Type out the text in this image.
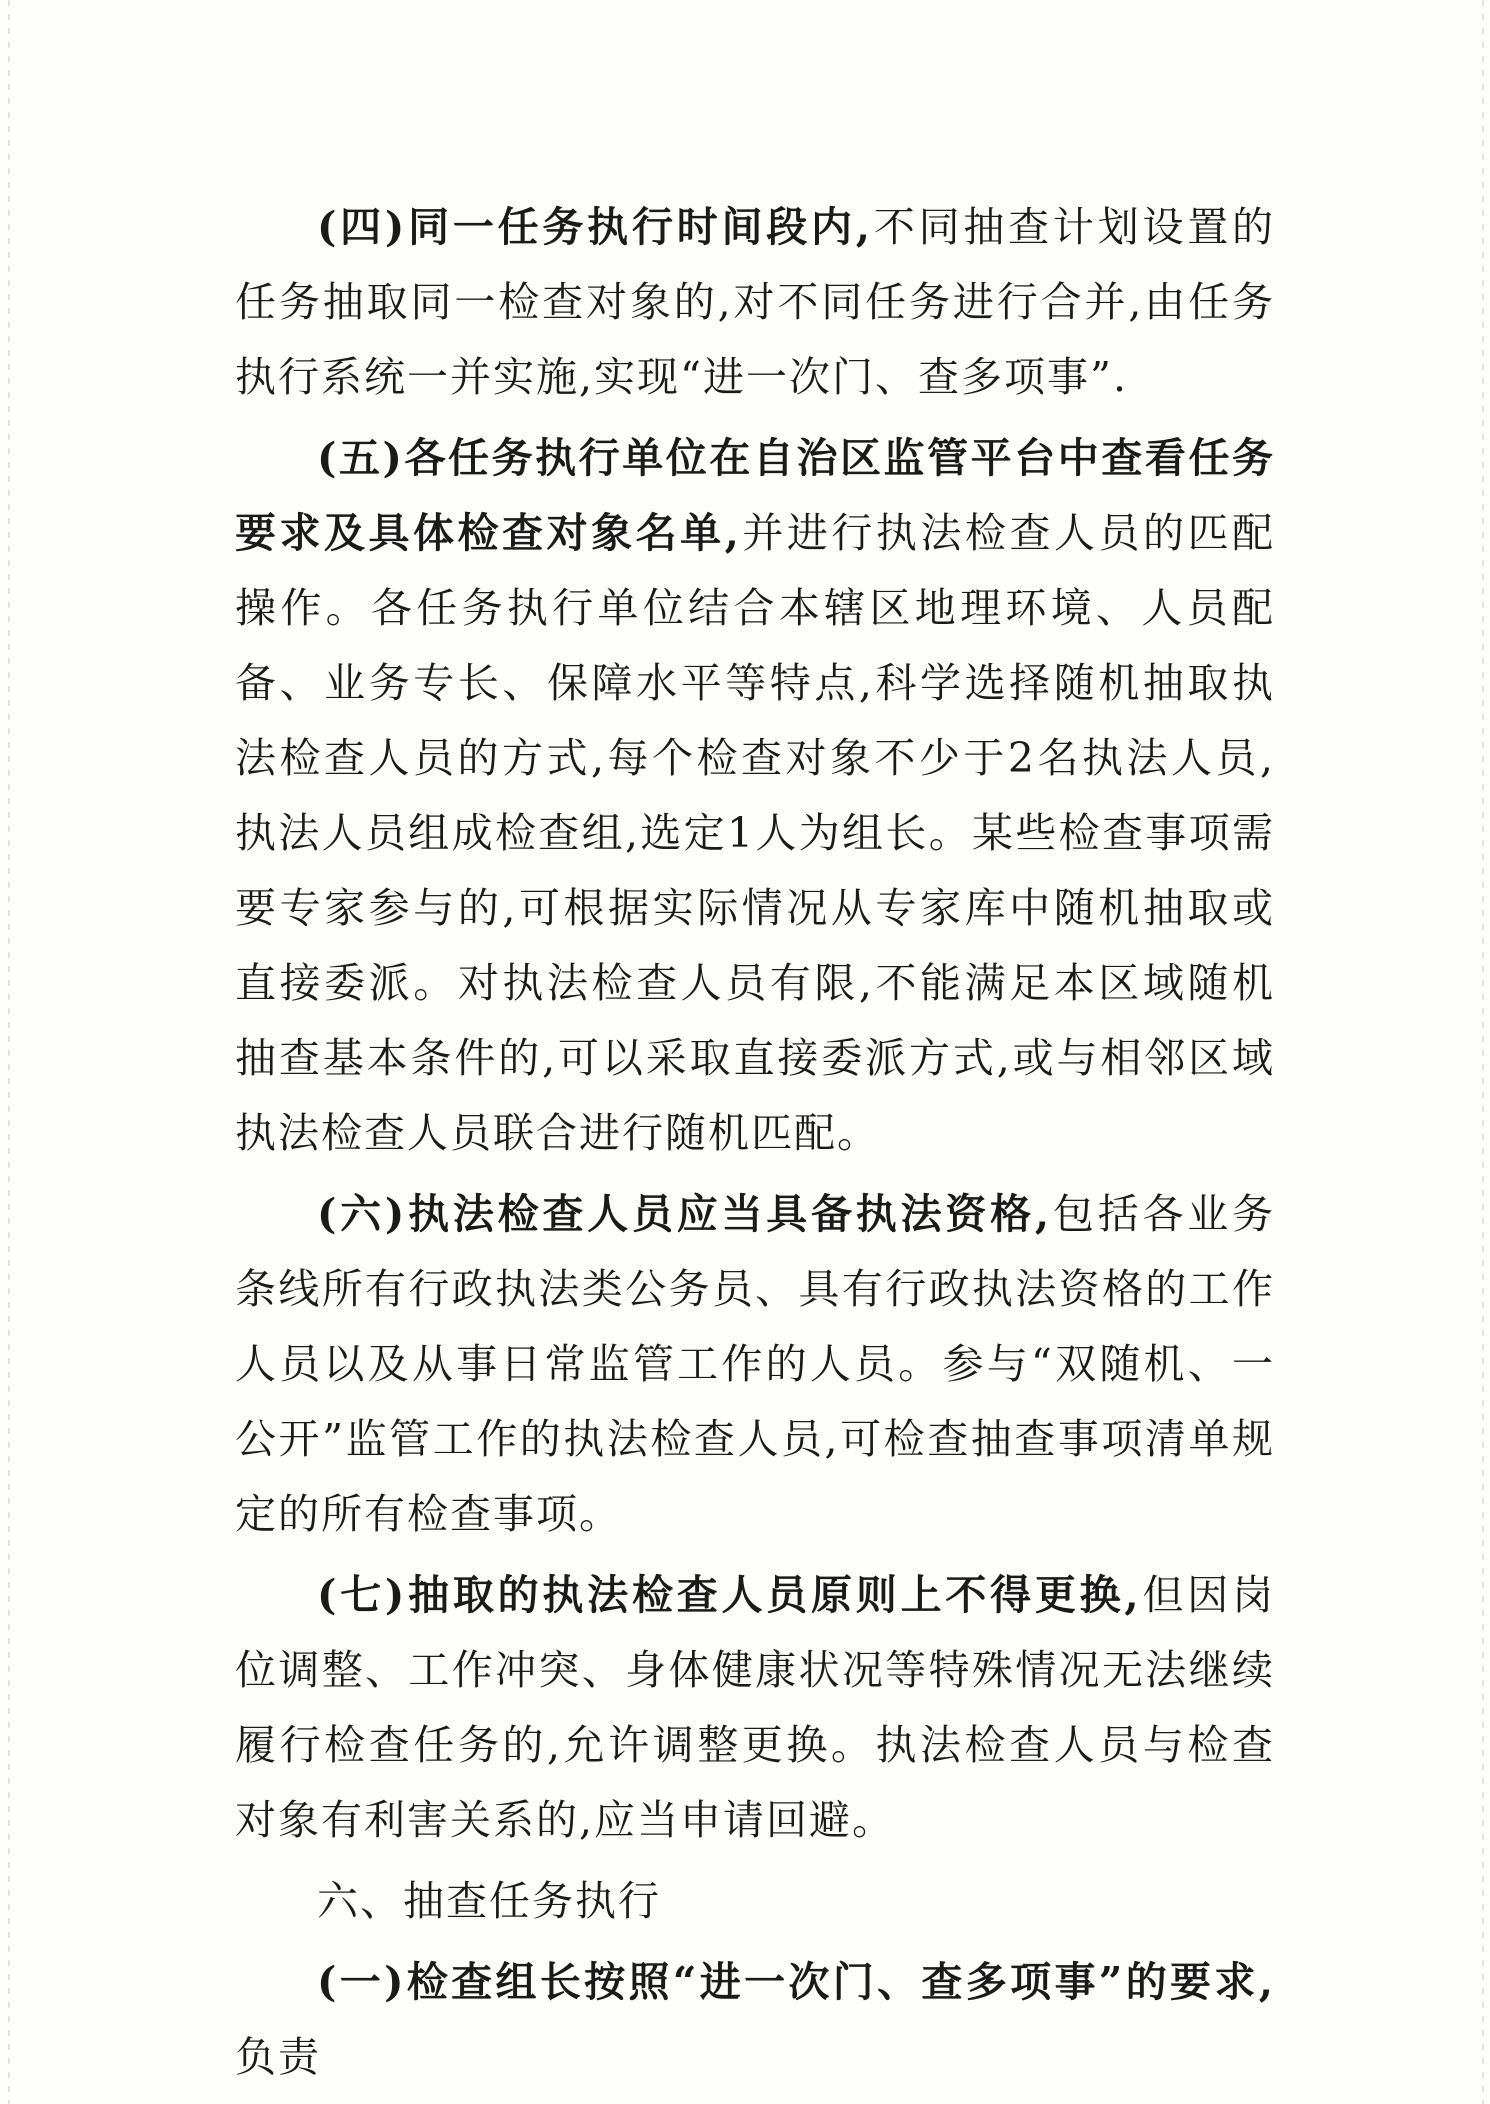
(四)同一任务执行时间段内,不同抽查计划设置的任务抽取同一检查对象的,对不同任务进行合并,由任务执行系统一并实施,实现“进一次门、查多项事”.

(五)各任务执行单位在自治区监管平台中查看任务要求及具体检查对象名单,并进行执法检查人员的匹配操作。各任务执行单位结合本辖区地理环境、人员配备、业务专长、保障水平等特点,科学选择随机抽取执法检查人员的方式,每个检查对象不少于2名执法人员,执法人员组成检查组,选定1人为组长。某些检查事项需要专家参与的,可根据实际情况从专家库中随机抽取或直接委派。对执法检查人员有限,不能满足本区域随机抽查基本条件的,可以采取直接委派方式,或与相邻区域执法检查人员联合进行随机匹配。

(六)执法检查人员应当具备执法资格,包括各业务条线所有行政执法类公务员、具有行政执法资格的工作人员以及从事日常监管工作的人员。参与“双随机、一公开”监管工作的执法检查人员,可检查抽查事项清单规定的所有检查事项。

(七)抽取的执法检查人员原则上不得更换,但因岗位调整、工作冲突、身体健康状况等特殊情况无法继续履行检查任务的,允许调整更换。执法检查人员与检查对象有利害关系的,应当申请回避。

六、抽查任务执行

(一)检查组长按照“进一次门、查多项事”的要求,负责
